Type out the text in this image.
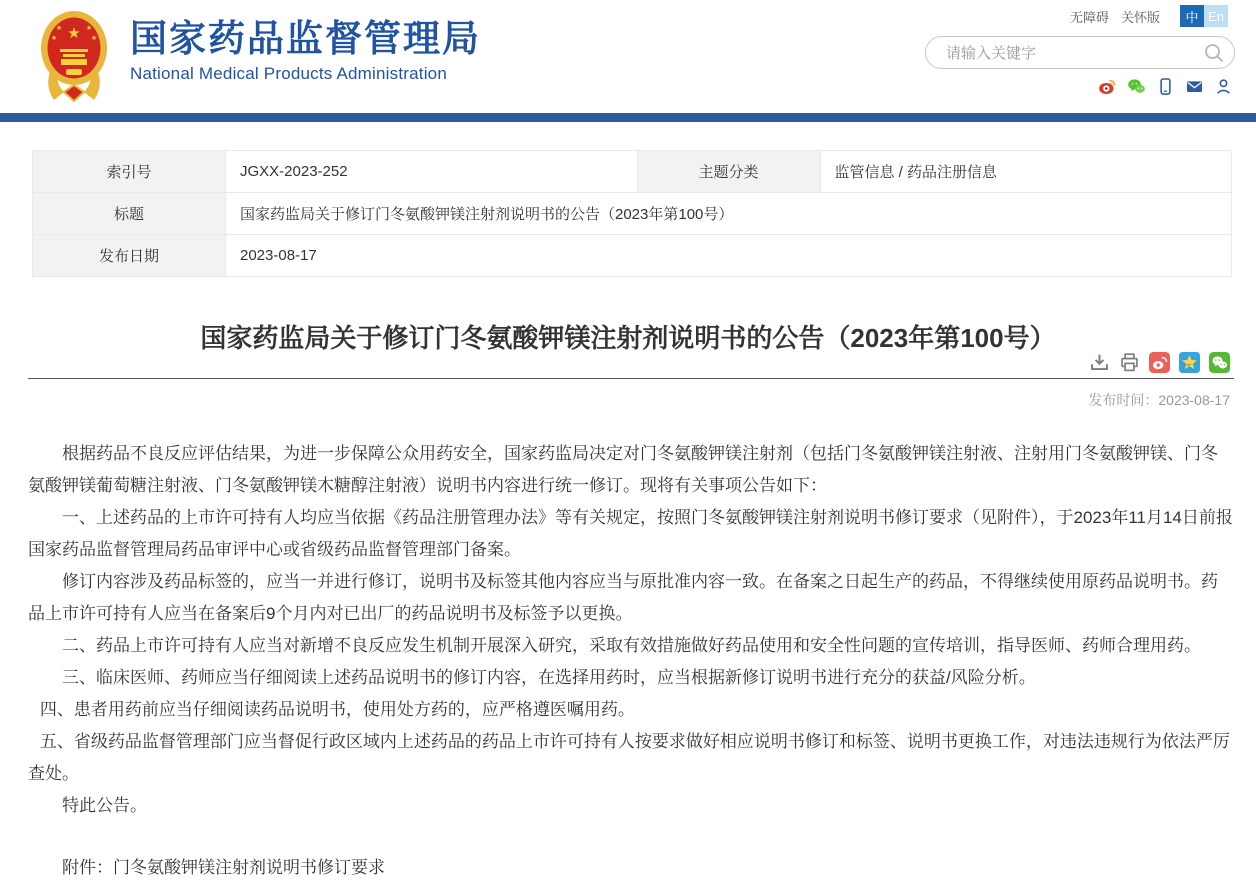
★
★	★
★	★ 国家药品监督管理局
National Medical Products Administration
无障碍 关怀版	中 En
请输入关键字
索引号	JGXX-2023-252	主题分类	监管信息 / 药品注册信息
标题	国家药监局关于修订门冬氨酸钾镁注射剂说明书的公告（2023年第100号）		
发布日期	2023-08-17		
国家药监局关于修订门冬氨酸钾镁注射剂说明书的公告（2023年第100号）
发布时间：2023-08-17

根据药品不良反应评估结果，为进一步保障公众用药安全，国家药监局决定对门冬氨酸钾镁注射剂（包括门冬氨酸钾镁注射液、注射用门冬氨酸钾镁、门冬氨酸钾镁葡萄糖注射液、门冬氨酸钾镁木糖醇注射液）说明书内容进行统一修订。现将有关事项公告如下：

一、上述药品的上市许可持有人均应当依据《药品注册管理办法》等有关规定，按照门冬氨酸钾镁注射剂说明书修订要求（见附件），于2023年11月14日前报国家药品监督管理局药品审评中心或省级药品监督管理部门备案。

修订内容涉及药品标签的，应当一并进行修订，说明书及标签其他内容应当与原批准内容一致。在备案之日起生产的药品，不得继续使用原药品说明书。药品上市许可持有人应当在备案后9个月内对已出厂的药品说明书及标签予以更换。

二、药品上市许可持有人应当对新增不良反应发生机制开展深入研究，采取有效措施做好药品使用和安全性问题的宣传培训，指导医师、药师合理用药。

三、临床医师、药师应当仔细阅读上述药品说明书的修订内容，在选择用药时，应当根据新修订说明书进行充分的获益/风险分析。

四、患者用药前应当仔细阅读药品说明书，使用处方药的，应严格遵医嘱用药。

五、省级药品监督管理部门应当督促行政区域内上述药品的药品上市许可持有人按要求做好相应说明书修订和标签、说明书更换工作，对违法违规行为依法严厉查处。

特此公告。

附件：门冬氨酸钾镁注射剂说明书修订要求
